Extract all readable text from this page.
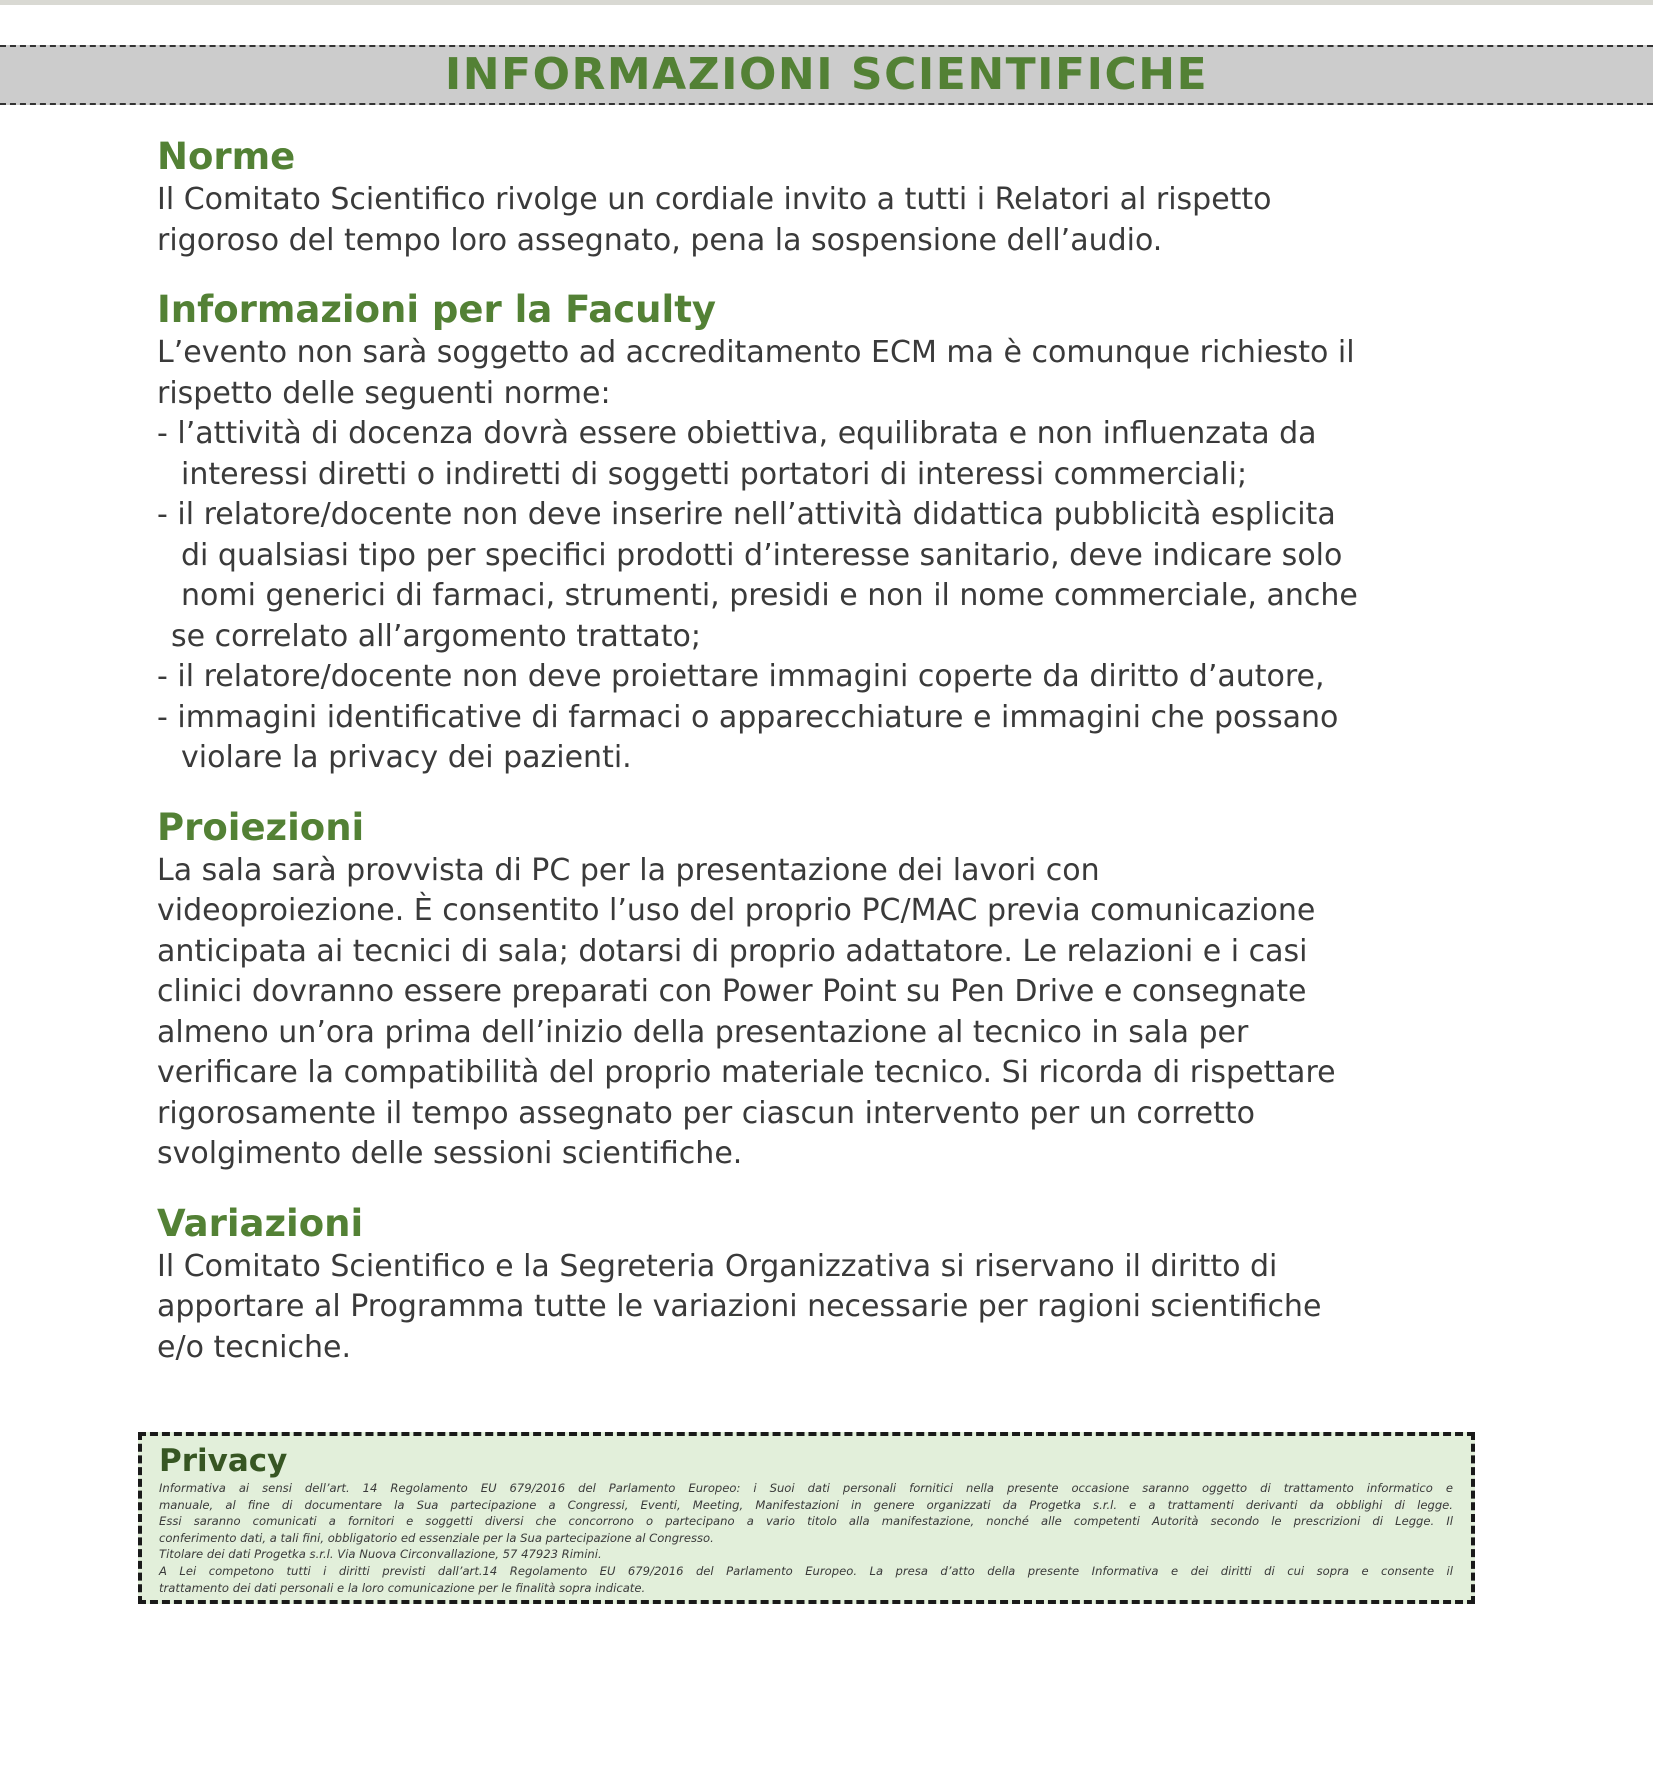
INFORMAZIONI SCIENTIFICHE
Norme

Il Comitato Scientifico rivolge un cordiale invito a tutti i Relatori al rispetto
rigoroso del tempo loro assegnato, pena la sospensione dell’audio.

Informazioni per la Faculty

L’evento non sarà soggetto ad accreditamento ECM ma è comunque richiesto il
rispetto delle seguenti norme:
- l’attività di docenza dovrà essere obiettiva, equilibrata e non influenzata da
interessi diretti o indiretti di soggetti portatori di interessi commerciali;
- il relatore/docente non deve inserire nell’attività didattica pubblicità esplicita
di qualsiasi tipo per specifici prodotti d’interesse sanitario, deve indicare solo
nomi generici di farmaci, strumenti, presidi e non il nome commerciale, anche
se correlato all’argomento trattato;
- il relatore/docente non deve proiettare immagini coperte da diritto d’autore,
- immagini identificative di farmaci o apparecchiature e immagini che possano
violare la privacy dei pazienti.

Proiezioni

La sala sarà provvista di PC per la presentazione dei lavori con
videoproiezione. È consentito l’uso del proprio PC/MAC previa comunicazione
anticipata ai tecnici di sala; dotarsi di proprio adattatore. Le relazioni e i casi
clinici dovranno essere preparati con Power Point su Pen Drive e consegnate
almeno un’ora prima dell’inizio della presentazione al tecnico in sala per
verificare la compatibilità del proprio materiale tecnico. Si ricorda di rispettare
rigorosamente il tempo assegnato per ciascun intervento per un corretto
svolgimento delle sessioni scientifiche.

Variazioni

Il Comitato Scientifico e la Segreteria Organizzativa si riservano il diritto di
apportare al Programma tutte le variazioni necessarie per ragioni scientifiche
e/o tecniche.

Privacy

Informativa ai sensi dell’art. 14 Regolamento EU 679/2016 del Parlamento Europeo: i Suoi dati personali fornitici nella presente occasione saranno oggetto di trattamento informatico e
manuale, al fine di documentare la Sua partecipazione a Congressi, Eventi, Meeting, Manifestazioni in genere organizzati da Progetka s.r.l. e a trattamenti derivanti da obblighi di legge.
Essi saranno comunicati a fornitori e soggetti diversi che concorrono o partecipano a vario titolo alla manifestazione, nonché alle competenti Autorità secondo le prescrizioni di Legge. Il
conferimento dati, a tali fini, obbligatorio ed essenziale per la Sua partecipazione al Congresso.
Titolare dei dati Progetka s.r.l. Via Nuova Circonvallazione, 57 47923 Rimini.
A Lei competono tutti i diritti previsti dall’art.14 Regolamento EU 679/2016 del Parlamento Europeo. La presa d’atto della presente Informativa e dei diritti di cui sopra e consente il
trattamento dei dati personali e la loro comunicazione per le finalità sopra indicate.
